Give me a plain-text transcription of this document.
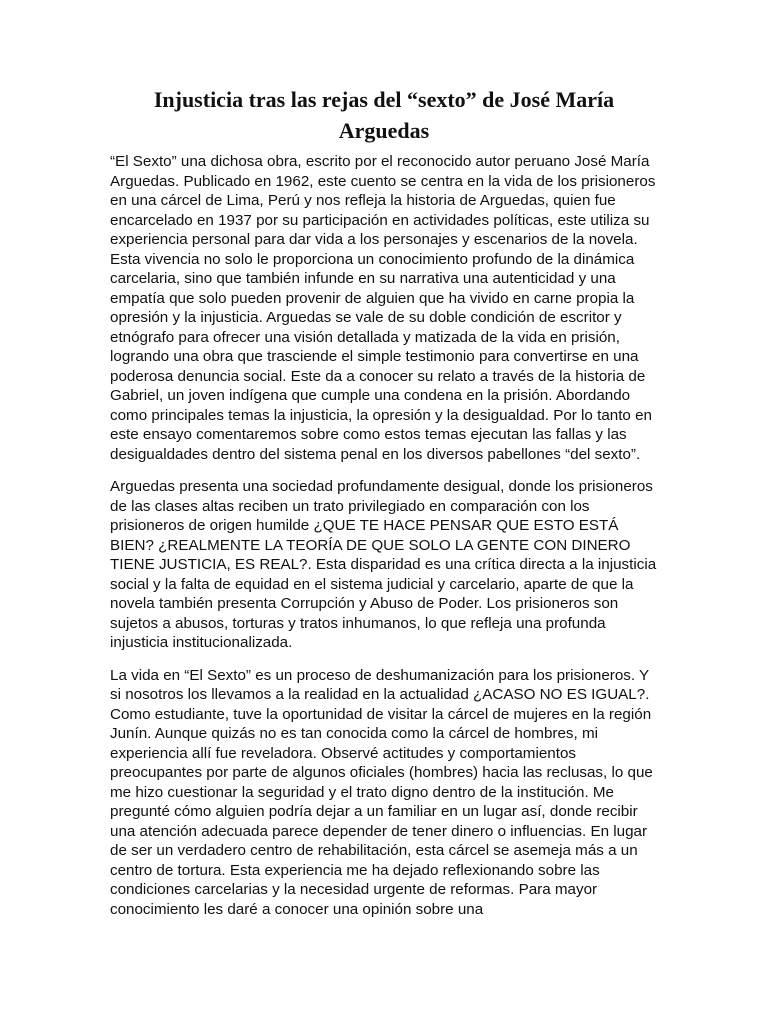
Injusticia tras las rejas del “sexto” de José María Arguedas

“El Sexto” una dichosa obra, escrito por el reconocido autor peruano José María Arguedas. Publicado en 1962, este cuento se centra en la vida de los prisioneros en una cárcel de Lima, Perú y nos refleja la historia de Arguedas, quien fue encarcelado en 1937 por su participación en actividades políticas, este utiliza su experiencia personal para dar vida a los personajes y escenarios de la novela. Esta vivencia no solo le proporciona un conocimiento profundo de la dinámica carcelaria, sino que también infunde en su narrativa una autenticidad y una empatía que solo pueden provenir de alguien que ha vivido en carne propia la opresión y la injusticia. Arguedas se vale de su doble condición de escritor y etnógrafo para ofrecer una visión detallada y matizada de la vida en prisión, logrando una obra que trasciende el simple testimonio para convertirse en una poderosa denuncia social. Este da a conocer su relato a través de la historia de Gabriel, un joven indígena que cumple una condena en la prisión. Abordando como principales temas la injusticia, la opresión y la desigualdad. Por lo tanto en este ensayo comentaremos sobre como estos temas ejecutan las fallas y las desigualdades dentro del sistema penal en los diversos pabellones “del sexto”.

Arguedas presenta una sociedad profundamente desigual, donde los prisioneros de las clases altas reciben un trato privilegiado en comparación con los prisioneros de origen humilde ¿QUE TE HACE PENSAR QUE ESTO ESTÁ BIEN? ¿REALMENTE LA TEORÍA DE QUE SOLO LA GENTE CON DINERO TIENE JUSTICIA, ES REAL?. Esta disparidad es una crítica directa a la injusticia social y la falta de equidad en el sistema judicial y carcelario, aparte de que la novela también presenta Corrupción y Abuso de Poder. Los prisioneros son sujetos a abusos, torturas y tratos inhumanos, lo que refleja una profunda injusticia institucionalizada.

La vida en “El Sexto” es un proceso de deshumanización para los prisioneros. Y si nosotros los llevamos a la realidad en la actualidad ¿ACASO NO ES IGUAL?. Como estudiante, tuve la oportunidad de visitar la cárcel de mujeres en la región Junín. Aunque quizás no es tan conocida como la cárcel de hombres, mi experiencia allí fue reveladora. Observé actitudes y comportamientos preocupantes por parte de algunos oficiales (hombres) hacia las reclusas, lo que me hizo cuestionar la seguridad y el trato digno dentro de la institución. Me pregunté cómo alguien podría dejar a un familiar en un lugar así, donde recibir una atención adecuada parece depender de tener dinero o influencias. En lugar de ser un verdadero centro de rehabilitación, esta cárcel se asemeja más a un centro de tortura. Esta experiencia me ha dejado reflexionando sobre las condiciones carcelarias y la necesidad urgente de reformas. Para mayor conocimiento les daré a conocer una opinión sobre una
